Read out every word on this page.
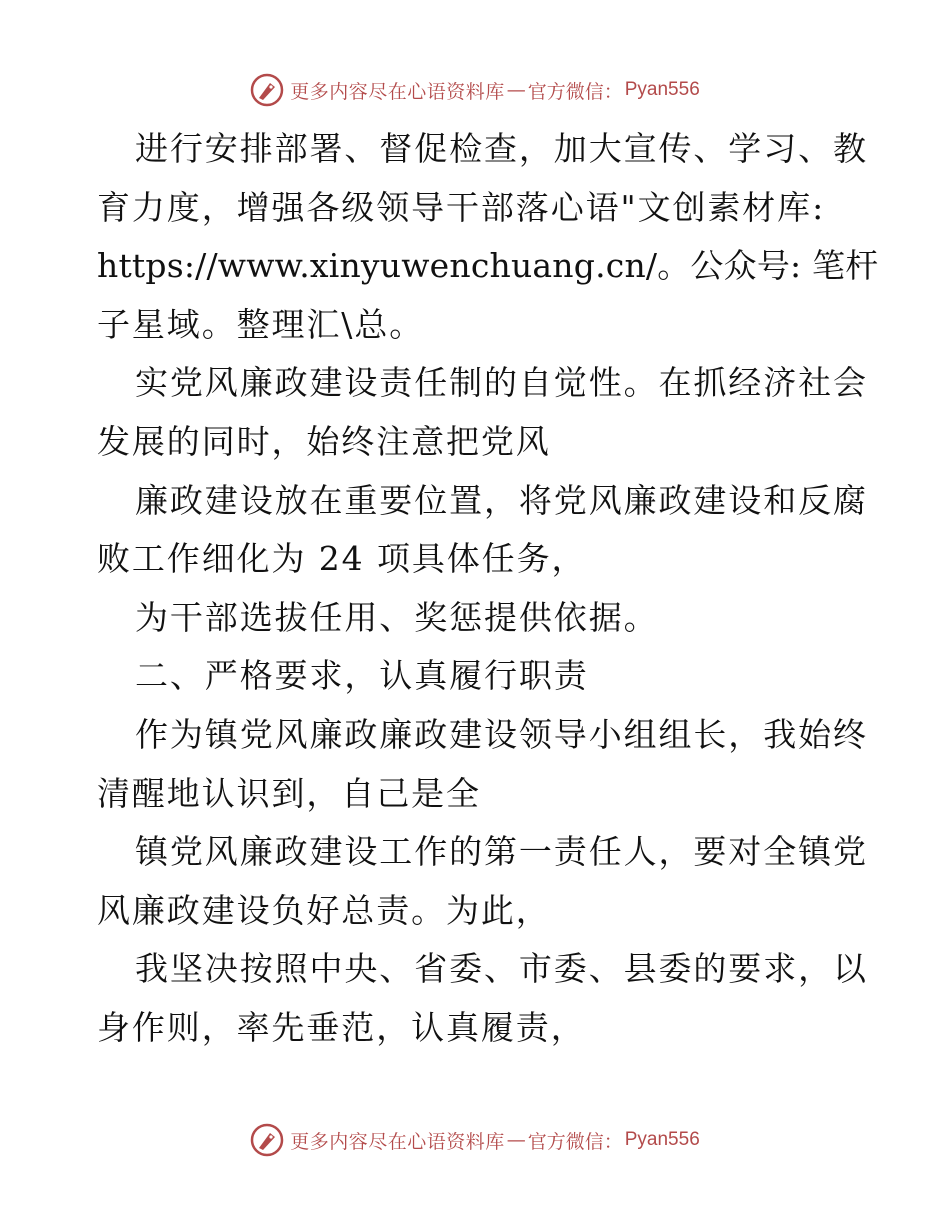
更多内容尽在心语资料库 — 官方微信： Pyan556
进行安排部署、督促检查，加大宣传、学习、教
育力度，增强各级领导干部落心语"文创素材库:
https://www.xinyuwenchuang.cn/。公众号: 笔杆
子星域。整理汇\总。
实党风廉政建设责任制的自觉性。在抓经济社会
发展的同时，始终注意把党风
廉政建设放在重要位置，将党风廉政建设和反腐
败工作细化为 24 项具体任务，
为干部选拔任用、奖惩提供依据。
二、严格要求，认真履行职责
作为镇党风廉政廉政建设领导小组组长，我始终
清醒地认识到，自己是全
镇党风廉政建设工作的第一责任人，要对全镇党
风廉政建设负好总责。为此，
我坚决按照中央、省委、市委、县委的要求，以
身作则，率先垂范，认真履责，
更多内容尽在心语资料库 — 官方微信： Pyan556
